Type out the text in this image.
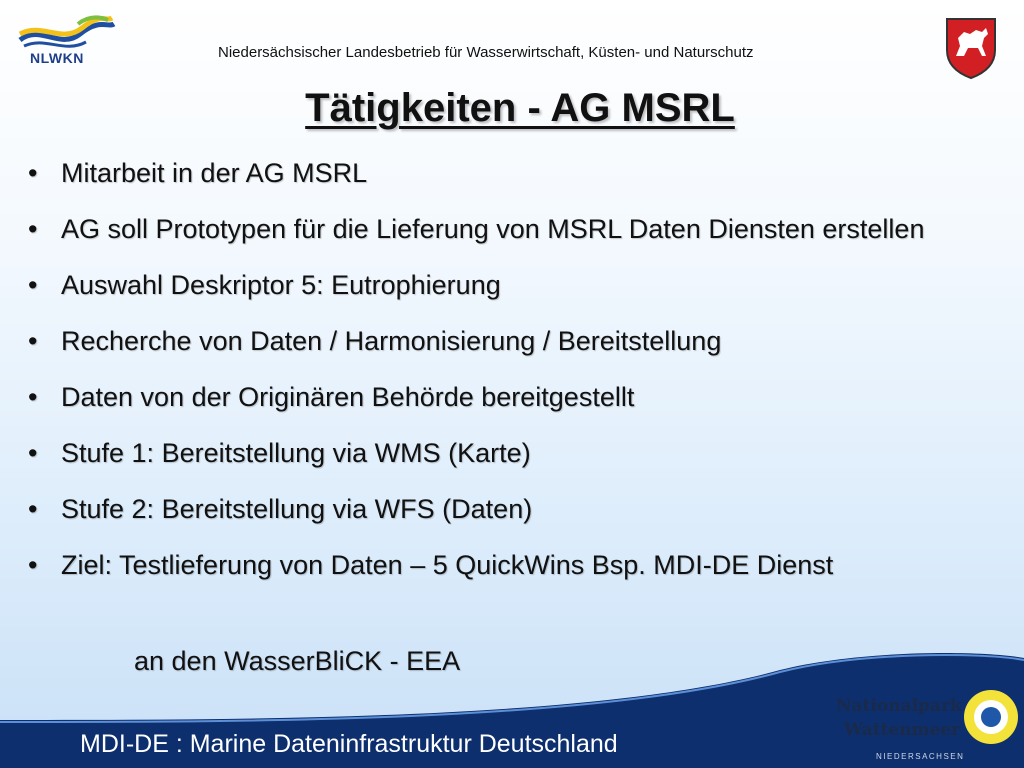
NLWKN	Niedersächsischer Landesbetrieb für Wasserwirtschaft, Küsten- und Naturschutz
Tätigkeiten - AG MSRL
• Mitarbeit in der AG MSRL
• AG soll Prototypen für die Lieferung von MSRL Daten Diensten erstellen
• Auswahl Deskriptor 5: Eutrophierung
• Recherche von Daten / Harmonisierung / Bereitstellung
• Daten von der Originären Behörde bereitgestellt
• Stufe 1: Bereitstellung via WMS (Karte)
• Stufe 2: Bereitstellung via WFS (Daten)
• Ziel: Testlieferung von Daten – 5 QuickWins Bsp. MDI-DE Dienst
an den WasserBliCK - EEA
MDI-DE : Marine Dateninfrastruktur Deutschland
Nationalpark
Wattenmeer
NIEDERSACHSEN
